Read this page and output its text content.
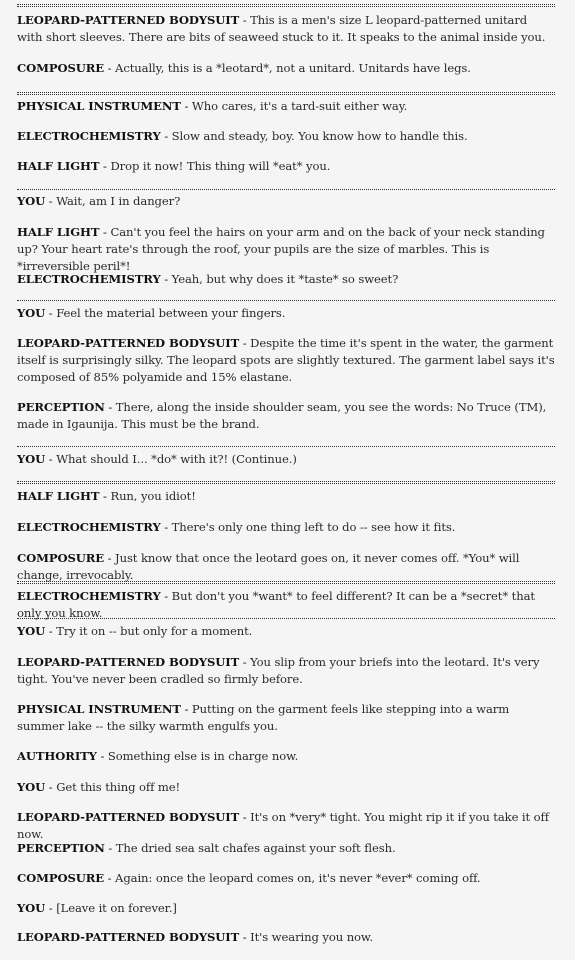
LEOPARD-PATTERNED BODYSUIT - This is a men's size L leopard-patterned unitard with short sleeves. There are bits of seaweed stuck to it. It speaks to the animal inside you.
COMPOSURE - Actually, this is a *leotard*, not a unitard. Unitards have legs.
PHYSICAL INSTRUMENT - Who cares, it's a tard-suit either way.
ELECTROCHEMISTRY - Slow and steady, boy. You know how to handle this.
HALF LIGHT - Drop it now! This thing will *eat* you.
YOU - Wait, am I in danger?
HALF LIGHT - Can't you feel the hairs on your arm and on the back of your neck standing up? Your heart rate's through the roof, your pupils are the size of marbles. This is *irreversible peril*!
ELECTROCHEMISTRY - Yeah, but why does it *taste* so sweet?
YOU - Feel the material between your fingers.
LEOPARD-PATTERNED BODYSUIT - Despite the time it's spent in the water, the garment itself is surprisingly silky. The leopard spots are slightly textured. The garment label says it's composed of 85% polyamide and 15% elastane.
PERCEPTION - There, along the inside shoulder seam, you see the words: No Truce (TM), made in Igaunija. This must be the brand.
YOU - What should I... *do* with it?! (Continue.)
HALF LIGHT - Run, you idiot!
ELECTROCHEMISTRY - There's only one thing left to do -- see how it fits.
COMPOSURE - Just know that once the leotard goes on, it never comes off. *You* will change, irrevocably.
ELECTROCHEMISTRY - But don't you *want* to feel different? It can be a *secret* that only you know.
YOU - Try it on -- but only for a moment.
LEOPARD-PATTERNED BODYSUIT - You slip from your briefs into the leotard. It's very tight. You've never been cradled so firmly before.
PHYSICAL INSTRUMENT - Putting on the garment feels like stepping into a warm summer lake -- the silky warmth engulfs you.
AUTHORITY - Something else is in charge now.
YOU - Get this thing off me!
LEOPARD-PATTERNED BODYSUIT - It's on *very* tight. You might rip it if you take it off now.
PERCEPTION - The dried sea salt chafes against your soft flesh.
COMPOSURE - Again: once the leopard comes on, it's never *ever* coming off.
YOU - [Leave it on forever.]
LEOPARD-PATTERNED BODYSUIT - It's wearing you now.
